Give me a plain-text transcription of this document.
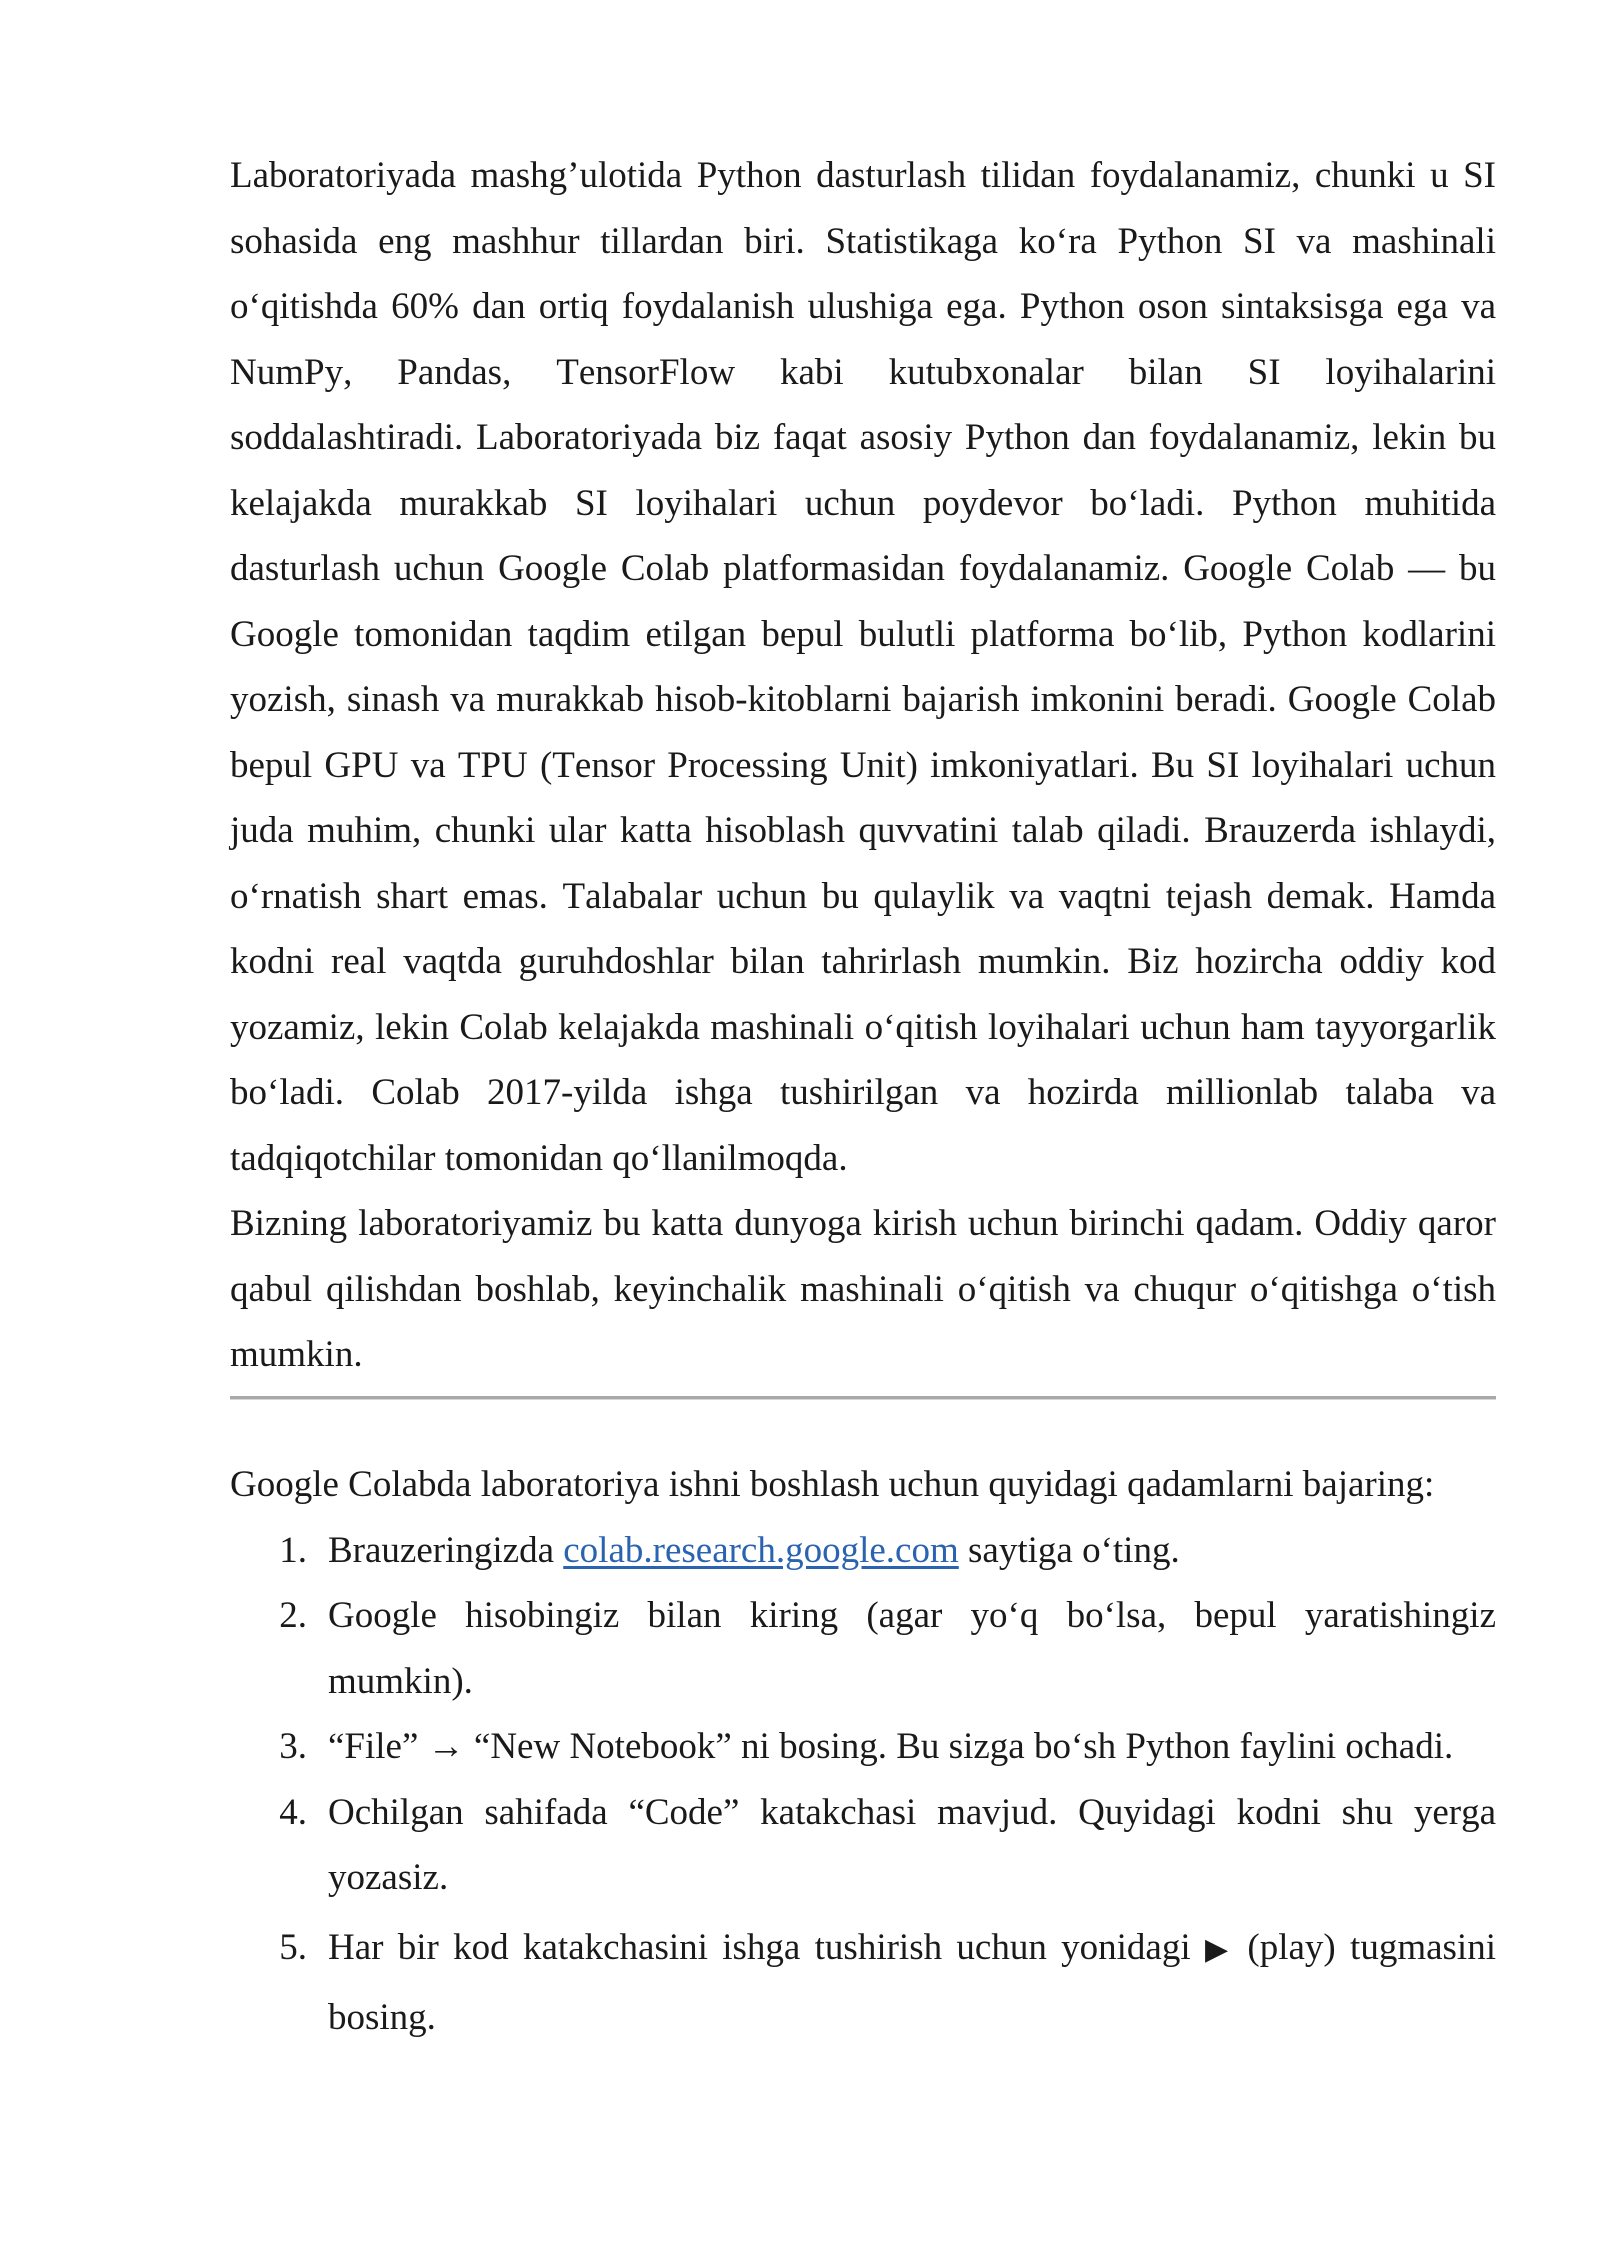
Laboratoriyada mashg’ulotida Python dasturlash tilidan foydalanamiz, chunki u SI
sohasida eng mashhur tillardan biri. Statistikaga ko‘ra Python SI va mashinali
o‘qitishda 60% dan ortiq foydalanish ulushiga ega. Python oson sintaksisga ega va
NumPy, Pandas, TensorFlow kabi kutubxonalar bilan SI loyihalarini
soddalashtiradi. Laboratoriyada biz faqat asosiy Python dan foydalanamiz, lekin bu
kelajakda murakkab SI loyihalari uchun poydevor bo‘ladi. Python muhitida
dasturlash uchun Google Colab platformasidan foydalanamiz. Google Colab — bu
Google tomonidan taqdim etilgan bepul bulutli platforma bo‘lib, Python kodlarini
yozish, sinash va murakkab hisob-kitoblarni bajarish imkonini beradi. Google Colab
bepul GPU va TPU (Tensor Processing Unit) imkoniyatlari. Bu SI loyihalari uchun
juda muhim, chunki ular katta hisoblash quvvatini talab qiladi. Brauzerda ishlaydi,
o‘rnatish shart emas. Talabalar uchun bu qulaylik va vaqtni tejash demak. Hamda
kodni real vaqtda guruhdoshlar bilan tahrirlash mumkin. Biz hozircha oddiy kod
yozamiz, lekin Colab kelajakda mashinali o‘qitish loyihalari uchun ham tayyorgarlik
bo‘ladi. Colab 2017-yilda ishga tushirilgan va hozirda millionlab talaba va
tadqiqotchilar tomonidan qo‘llanilmoqda.
Bizning laboratoriyamiz bu katta dunyoga kirish uchun birinchi qadam. Oddiy qaror
qabul qilishdan boshlab, keyinchalik mashinali o‘qitish va chuqur o‘qitishga o‘tish
mumkin.
Google Colabda laboratoriya ishni boshlash uchun quyidagi qadamlarni bajaring:
1. Brauzeringizda colab.research.google.com saytiga o‘ting.
2. Google hisobingiz bilan kiring (agar yo‘q bo‘lsa, bepul yaratishingiz
mumkin).
3. “File” → “New Notebook” ni bosing. Bu sizga bo‘sh Python faylini ochadi.
4. Ochilgan sahifada “Code” katakchasi mavjud. Quyidagi kodni shu yerga
yozasiz.
5. Har bir kod katakchasini ishga tushirish uchun yonidagi ▶ (play) tugmasini
bosing.
